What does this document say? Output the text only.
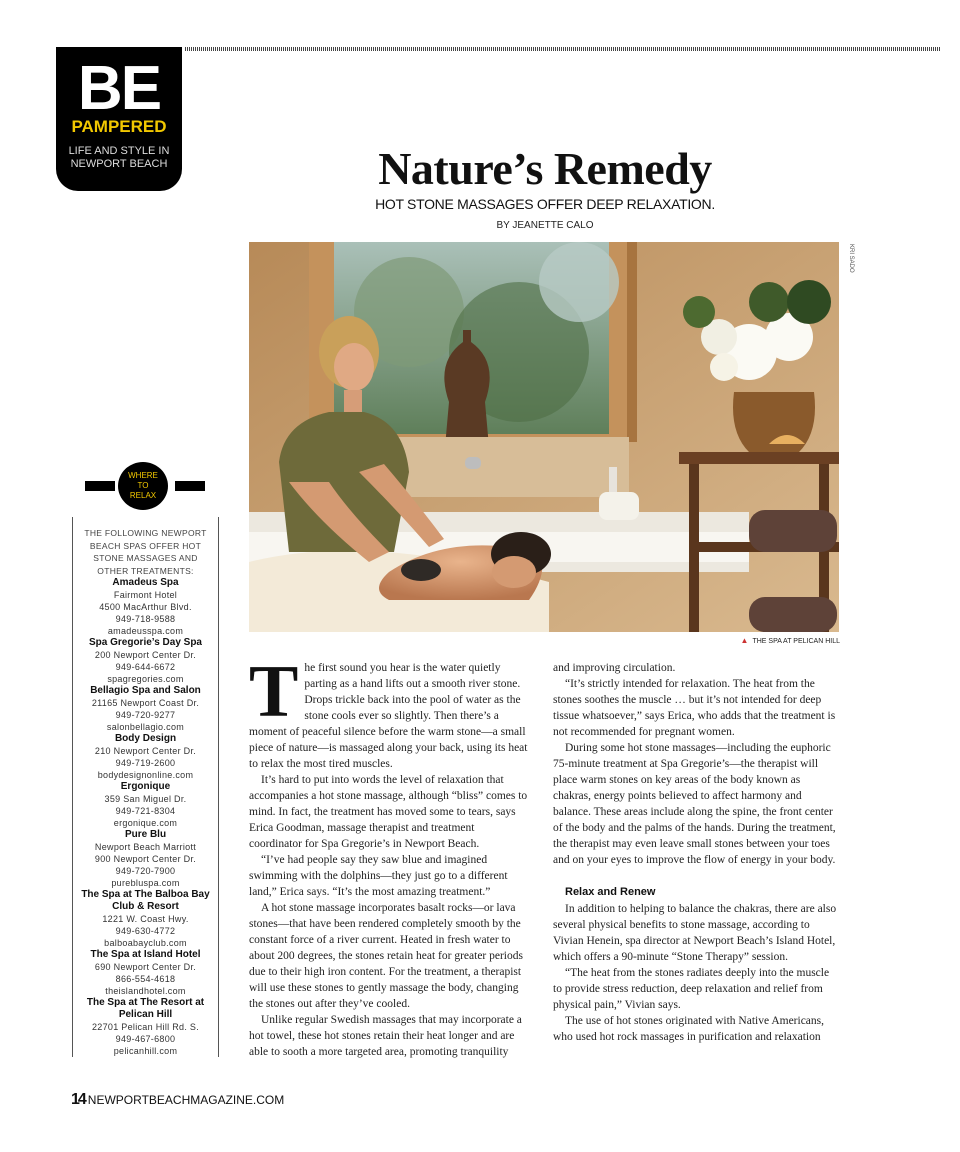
BE
PAMPERED
LIFE AND STYLE IN
NEWPORT BEACH	Nature’s Remedy
HOT STONE MASSAGES OFFER DEEP RELAXATION.
BY JEANETTE CALO
KRI SADO
▲ THE SPA AT PELICAN HILL
WHERE
TO
RELAX
THE FOLLOWING NEWPORT BEACH SPAS OFFER HOT STONE MASSAGES AND OTHER TREATMENTS:
Amadeus Spa
Fairmont Hotel
4500 MacArthur Blvd.
949-718-9588
amadeusspa.com
Spa Gregorie’s Day Spa
200 Newport Center Dr.
949-644-6672
spagregories.com
Bellagio Spa and Salon
21165 Newport Coast Dr.
949-720-9277
salonbellagio.com
Body Design
210 Newport Center Dr.
949-719-2600
bodydesignonline.com
Ergonique
359 San Miguel Dr.
949-721-8304
ergonique.com
Pure Blu
Newport Beach Marriott
900 Newport Center Dr.
949-720-7900
purebluspa.com
The Spa at The Balboa Bay Club & Resort
1221 W. Coast Hwy.
949-630-4772
balboabayclub.com
The Spa at Island Hotel
690 Newport Center Dr.
866-554-4618
theislandhotel.com
The Spa at The Resort at Pelican Hill
22701 Pelican Hill Rd. S.
949-467-6800
pelicanhill.com
T he first sound you hear is the water quietly parting as a hand lifts out a smooth river stone. Drops trickle back into the pool of water as the stone cools ever so slightly. Then there’s a moment of peaceful silence before the warm stone—a small piece of nature—is massaged along your back, using its heat to relax the most tired muscles.

It’s hard to put into words the level of relaxation that accompanies a hot stone massage, although “bliss” comes to mind. In fact, the treatment has moved some to tears, says Erica Goodman, massage therapist and treatment coordinator for Spa Gregorie’s in Newport Beach.

“I’ve had people say they saw blue and imagined swimming with the dolphins—they just go to a different land,” Erica says. “It’s the most amazing treatment.”

A hot stone massage incorporates basalt rocks—or lava stones—that have been rendered completely smooth by the constant force of a river current. Heated in fresh water to about 200 degrees, the stones retain heat for greater periods due to their high iron content. For the treatment, a therapist will use these stones to gently massage the body, changing the stones out after they’ve cooled.

Unlike regular Swedish massages that may incorporate a hot towel, these hot stones retain their heat longer and are able to sooth a more targeted area, promoting tranquility

and improving circulation.

“It’s strictly intended for relaxation. The heat from the stones soothes the muscle … but it’s not intended for deep tissue whatsoever,” says Erica, who adds that the treatment is not recommended for pregnant women.

During some hot stone massages—including the euphoric 75-minute treatment at Spa Gregorie’s—the therapist will place warm stones on key areas of the body known as chakras, energy points believed to affect harmony and balance. These areas include along the spine, the front center of the body and the palms of the hands. During the treatment, the therapist may even leave small stones between your toes and on your eyes to improve the flow of energy in your body.

Relax and Renew

In addition to helping to balance the chakras, there are also several physical benefits to stone massage, according to Vivian Henein, spa director at Newport Beach’s Island Hotel, which offers a 90-minute “Stone Therapy” session.

“The heat from the stones radiates deeply into the muscle to provide stress reduction, deep relaxation and relief from physical pain,” Vivian says.

The use of hot stones originated with Native Americans, who used hot rock massages in purification and relaxation

14 NEWPORTBEACHMAGAZINE.COM
